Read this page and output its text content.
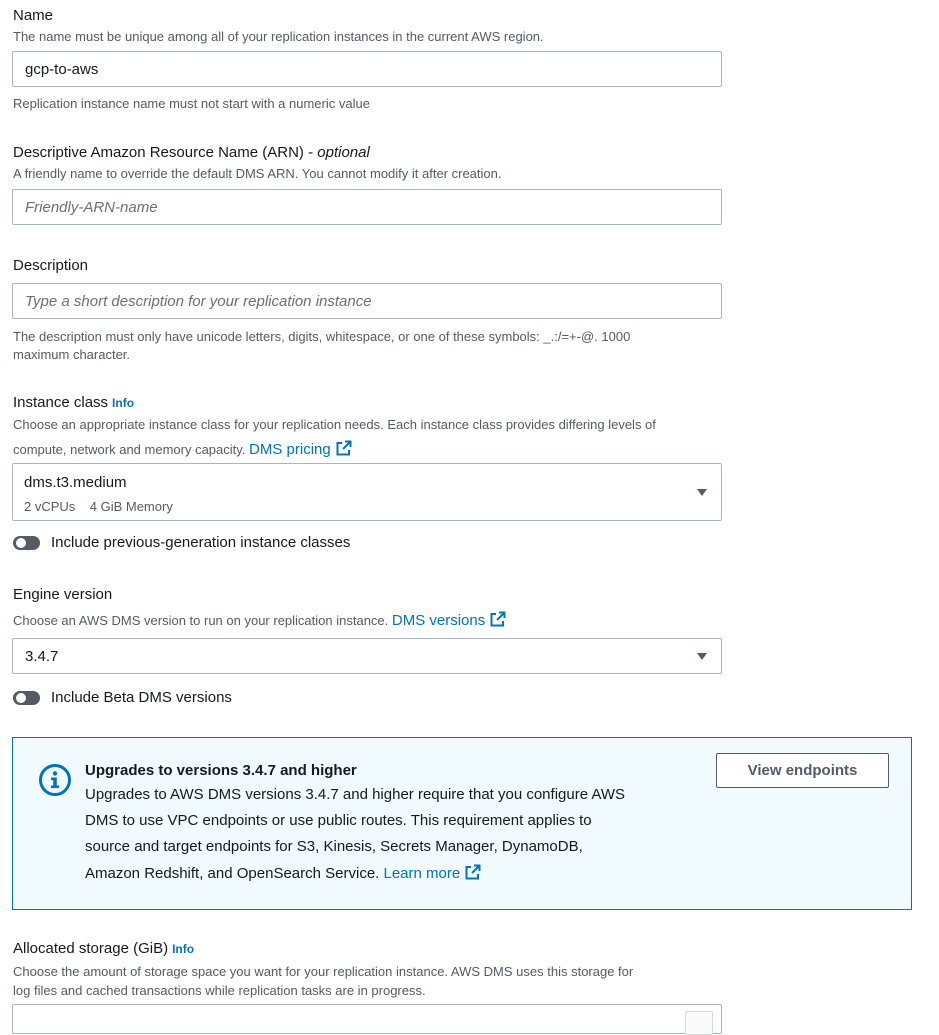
Name
The name must be unique among all of your replication instances in the current AWS region.
gcp-to-aws
Replication instance name must not start with a numeric value
Descriptive Amazon Resource Name (ARN) - optional
A friendly name to override the default DMS ARN. You cannot modify it after creation.
Friendly-ARN-name
Description
Type a short description for your replication instance
The description must only have unicode letters, digits, whitespace, or one of these symbols: _.:/=+-@. 1000
maximum character.
Instance class Info
Choose an appropriate instance class for your replication needs. Each instance class provides differing levels of
compute, network and memory capacity. DMS pricing
dms.t3.medium
2 vCPUs 4 GiB Memory
Include previous-generation instance classes
Engine version
Choose an AWS DMS version to run on your replication instance. DMS versions
3.4.7
Include Beta DMS versions
Upgrades to versions 3.4.7 and higher
Upgrades to AWS DMS versions 3.4.7 and higher require that you configure AWS
DMS to use VPC endpoints or use public routes. This requirement applies to
source and target endpoints for S3, Kinesis, Secrets Manager, DynamoDB,
Amazon Redshift, and OpenSearch Service. Learn more
View endpoints
Allocated storage (GiB) Info
Choose the amount of storage space you want for your replication instance. AWS DMS uses this storage for
log files and cached transactions while replication tasks are in progress.
